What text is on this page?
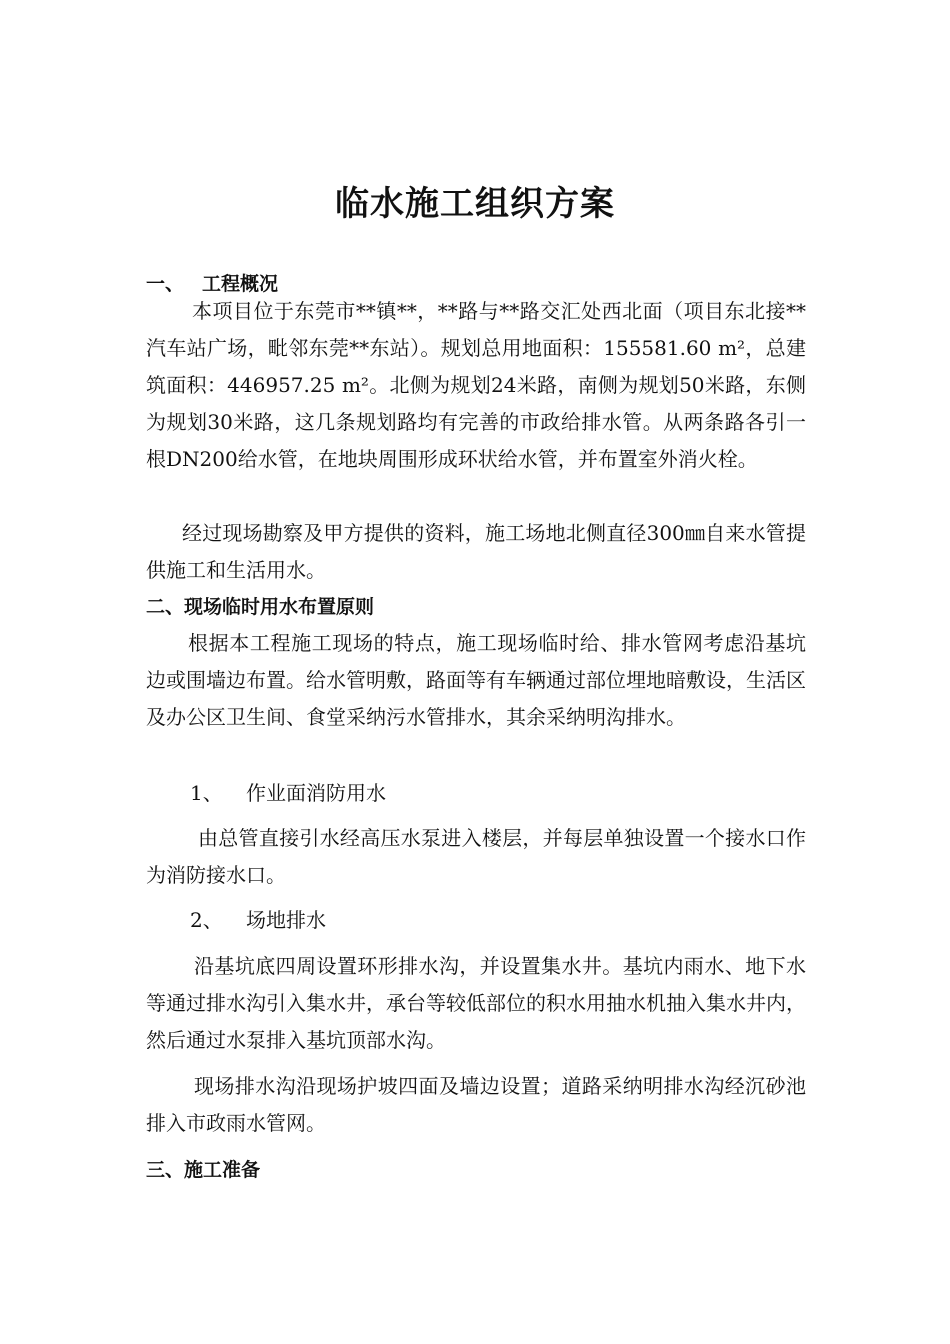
临水施工组织方案
一、 工程概况

本项目位于东莞市**镇**，**路与**路交汇处西北面（项目东北接**汽车站广场，毗邻东莞**东站）。规划总用地面积：155581.60 m²，总建筑面积：446957.25 m²。北侧为规划24米路，南侧为规划50米路，东侧为规划30米路，这几条规划路均有完善的市政给排水管。从两条路各引一根DN200给水管，在地块周围形成环状给水管，并布置室外消火栓。

经过现场勘察及甲方提供的资料，施工场地北侧直径300㎜自来水管提供施工和生活用水。

二、现场临时用水布置原则

根据本工程施工现场的特点，施工现场临时给、排水管网考虑沿基坑边或围墙边布置。给水管明敷，路面等有车辆通过部位埋地暗敷设，生活区及办公区卫生间、食堂采纳污水管排水，其余采纳明沟排水。

1、 作业面消防用水

由总管直接引水经高压水泵进入楼层，并每层单独设置一个接水口作为消防接水口。

2、 场地排水

沿基坑底四周设置环形排水沟，并设置集水井。基坑内雨水、地下水等通过排水沟引入集水井，承台等较低部位的积水用抽水机抽入集水井内，然后通过水泵排入基坑顶部水沟。

现场排水沟沿现场护坡四面及墙边设置；道路采纳明排水沟经沉砂池排入市政雨水管网。

三、施工准备
